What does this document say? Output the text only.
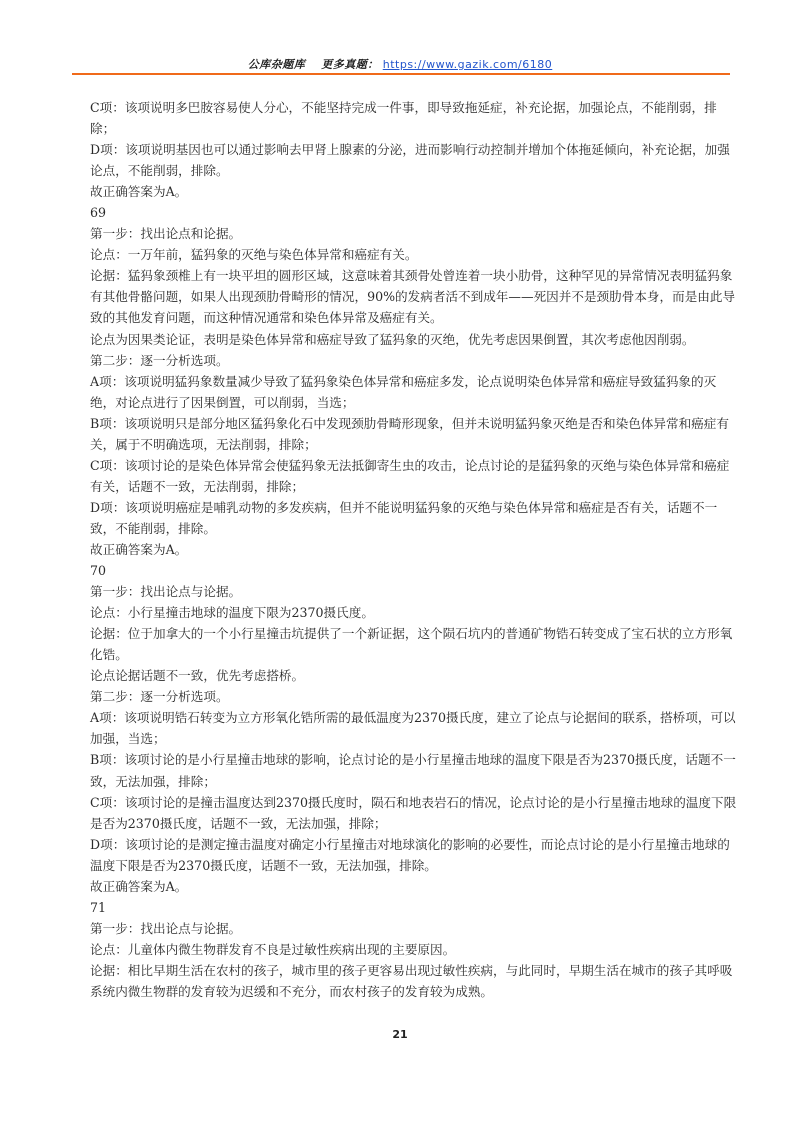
公库杂题库 更多真题： https://www.gazik.com/6180

C项：该项说明多巴胺容易使人分心，不能坚持完成一件事，即导致拖延症，补充论据，加强论点，不能削弱，排除；

D项：该项说明基因也可以通过影响去甲肾上腺素的分泌，进而影响行动控制并增加个体拖延倾向，补充论据，加强论点，不能削弱，排除。

故正确答案为A。

69

第一步：找出论点和论据。

论点：一万年前，猛犸象的灭绝与染色体异常和癌症有关。

论据：猛犸象颈椎上有一块平坦的圆形区域，这意味着其颈骨处曾连着一块小肋骨，这种罕见的异常情况表明猛犸象有其他骨骼问题，如果人出现颈肋骨畸形的情况，90%的发病者活不到成年——死因并不是颈肋骨本身，而是由此导致的其他发育问题，而这种情况通常和染色体异常及癌症有关。

论点为因果类论证，表明是染色体异常和癌症导致了猛犸象的灭绝，优先考虑因果倒置，其次考虑他因削弱。

第二步：逐一分析选项。

A项：该项说明猛犸象数量减少导致了猛犸象染色体异常和癌症多发，论点说明染色体异常和癌症导致猛犸象的灭绝，对论点进行了因果倒置，可以削弱，当选；

B项：该项说明只是部分地区猛犸象化石中发现颈肋骨畸形现象，但并未说明猛犸象灭绝是否和染色体异常和癌症有关，属于不明确选项，无法削弱，排除；

C项：该项讨论的是染色体异常会使猛犸象无法抵御寄生虫的攻击，论点讨论的是猛犸象的灭绝与染色体异常和癌症有关，话题不一致，无法削弱，排除；

D项：该项说明癌症是哺乳动物的多发疾病，但并不能说明猛犸象的灭绝与染色体异常和癌症是否有关，话题不一致，不能削弱，排除。

故正确答案为A。

70

第一步：找出论点与论据。

论点：小行星撞击地球的温度下限为2370摄氏度。

论据：位于加拿大的一个小行星撞击坑提供了一个新证据，这个陨石坑内的普通矿物锆石转变成了宝石状的立方形氧化锆。

论点论据话题不一致，优先考虑搭桥。

第二步：逐一分析选项。

A项：该项说明锆石转变为立方形氧化锆所需的最低温度为2370摄氏度，建立了论点与论据间的联系，搭桥项，可以加强，当选；

B项：该项讨论的是小行星撞击地球的影响，论点讨论的是小行星撞击地球的温度下限是否为2370摄氏度，话题不一致，无法加强，排除；

C项：该项讨论的是撞击温度达到2370摄氏度时，陨石和地表岩石的情况，论点讨论的是小行星撞击地球的温度下限是否为2370摄氏度，话题不一致，无法加强，排除；

D项：该项讨论的是测定撞击温度对确定小行星撞击对地球演化的影响的必要性，而论点讨论的是小行星撞击地球的温度下限是否为2370摄氏度，话题不一致，无法加强，排除。

故正确答案为A。

71

第一步：找出论点与论据。

论点：儿童体内微生物群发育不良是过敏性疾病出现的主要原因。

论据：相比早期生活在农村的孩子，城市里的孩子更容易出现过敏性疾病，与此同时，早期生活在城市的孩子其呼吸系统内微生物群的发育较为迟缓和不充分，而农村孩子的发育较为成熟。

21
